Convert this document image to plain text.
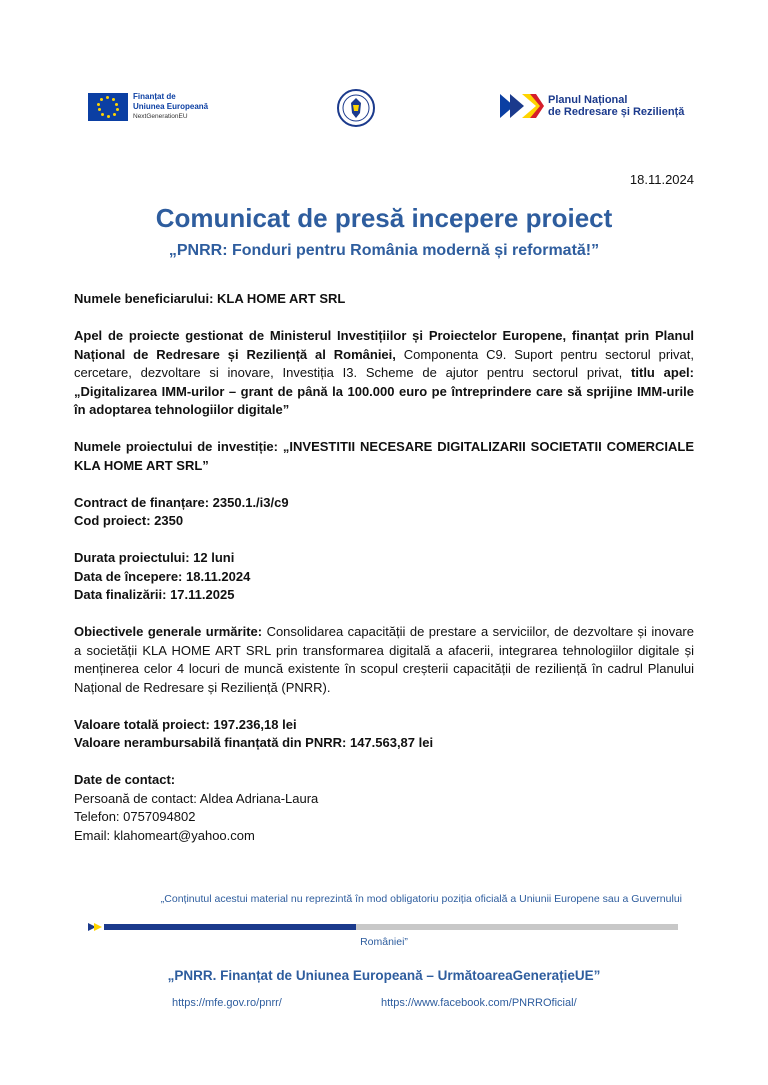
Finanțat de
Uniunea Europeană
NextGenerationEU
Planul Național
de Redresare și Reziliență
18.11.2024
Comunicat de presă incepere proiect
„PNRR: Fonduri pentru România modernă și reformată!”

Numele beneficiarului: KLA HOME ART SRL

Apel de proiecte gestionat de Ministerul Investițiilor și Proiectelor Europene, finanțat prin Planul Național de Redresare și Reziliență al României, Componenta C9. Suport pentru sectorul privat, cercetare, dezvoltare si inovare, Investiția I3. Scheme de ajutor pentru sectorul privat, titlu apel: „Digitalizarea IMM-urilor – grant de până la 100.000 euro pe întreprindere care să sprijine IMM-urile în adoptarea tehnologiilor digitale”

Numele proiectului de investiție: „INVESTITII NECESARE DIGITALIZARII SOCIETATII COMERCIALE KLA HOME ART SRL”

Contract de finanțare: 2350.1./i3/c9
Cod proiect: 2350

Durata proiectului: 12 luni
Data de începere: 18.11.2024
Data finalizării: 17.11.2025

Obiectivele generale urmărite: Consolidarea capacității de prestare a serviciilor, de dezvoltare și inovare a societății KLA HOME ART SRL prin transformarea digitală a afacerii, integrarea tehnologiilor digitale și menținerea celor 4 locuri de muncă existente în scopul creșterii capacității de reziliență în cadrul Planului Național de Redresare și Reziliență (PNRR).

Valoare totală proiect: 197.236,18 lei
Valoare nerambursabilă finanțată din PNRR: 147.563,87 lei

Date de contact:
Persoană de contact: Aldea Adriana-Laura
Telefon: 0757094802
Email: klahomeart@yahoo.com

„Conținutul acestui material nu reprezintă în mod obligatoriu poziția oficială a Uniunii Europene sau a Guvernului
României”
„PNRR. Finanțat de Uniunea Europeană – UrmătoareaGenerațieUE”
https://mfe.gov.ro/pnrr/	https://www.facebook.com/PNRROficial/
